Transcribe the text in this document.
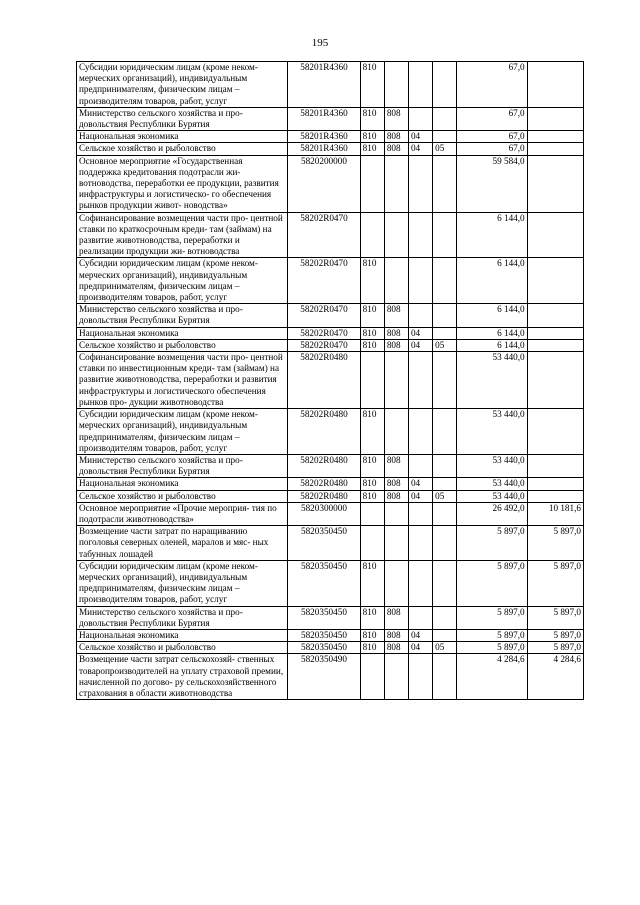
195
Субсидии юридическим лицам (кроме неком- мерческих организаций), индивидуальным предпринимателям, физическим лицам – производителям товаров, работ, услуг	58201R4360	810				67,0	
Министерство сельского хозяйства и про- довольствия Республики Бурятия	58201R4360	810	808			67,0	
Национальная экономика	58201R4360	810	808	04		67,0	
Сельское хозяйство и рыболовство	58201R4360	810	808	04	05	67,0	
Основное мероприятие «Государственная поддержка кредитования подотрасли жи- вотноводства, переработки ее продукции, развития инфраструктуры и логистическо- го обеспечения рынков продукции живот- новодства»	5820200000					59 584,0	
Софинансирование возмещения части про- центной ставки по краткосрочным креди- там (займам) на развитие животноводства, переработки и реализации продукции жи- вотноводства	58202R0470					6 144,0	
Субсидии юридическим лицам (кроме неком- мерческих организаций), индивидуальным предпринимателям, физическим лицам – производителям товаров, работ, услуг	58202R0470	810				6 144,0	
Министерство сельского хозяйства и про- довольствия Республики Бурятия	58202R0470	810	808			6 144,0	
Национальная экономика	58202R0470	810	808	04		6 144,0	
Сельское хозяйство и рыболовство	58202R0470	810	808	04	05	6 144,0	
Софинансирование возмещения части про- центной ставки по инвестиционным креди- там (займам) на развитие животноводства, переработки и развития инфраструктуры и логистического обеспечения рынков про- дукции животноводства	58202R0480					53 440,0	
Субсидии юридическим лицам (кроме неком- мерческих организаций), индивидуальным предпринимателям, физическим лицам – производителям товаров, работ, услуг	58202R0480	810				53 440,0	
Министерство сельского хозяйства и про- довольствия Республики Бурятия	58202R0480	810	808			53 440,0	
Национальная экономика	58202R0480	810	808	04		53 440,0	
Сельское хозяйство и рыболовство	58202R0480	810	808	04	05	53 440,0	
Основное мероприятие «Прочие мероприя- тия по подотрасли животноводства»	5820300000					26 492,0	10 181,6
Возмещение части затрат по наращиванию поголовья северных оленей, маралов и мяс- ных табунных лошадей	5820350450					5 897,0	5 897,0
Субсидии юридическим лицам (кроме неком- мерческих организаций), индивидуальным предпринимателям, физическим лицам – производителям товаров, работ, услуг	5820350450	810				5 897,0	5 897,0
Министерство сельского хозяйства и про- довольствия Республики Бурятия	5820350450	810	808			5 897,0	5 897,0
Национальная экономика	5820350450	810	808	04		5 897,0	5 897,0
Сельское хозяйство и рыболовство	5820350450	810	808	04	05	5 897,0	5 897,0
Возмещение части затрат сельскохозяй- ственных товаропроизводителей на уплату страховой премии, начисленной по догово- ру сельскохозяйственного страхования в области животноводства	5820350490					4 284,6	4 284,6
